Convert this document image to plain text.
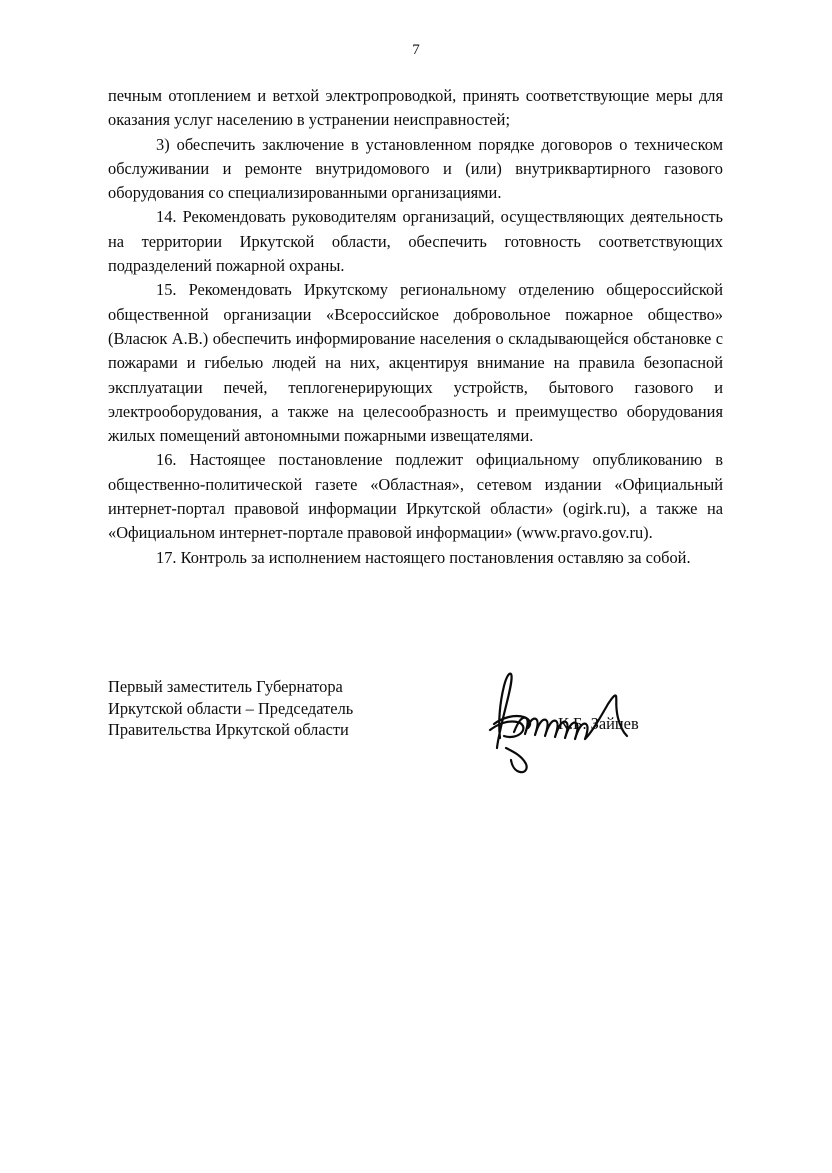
7

печным отоплением и ветхой электропроводкой, принять соответствующие меры для оказания услуг населению в устранении неисправностей;

3) обеспечить заключение в установленном порядке договоров о техническом обслуживании и ремонте внутридомового и (или) внутриквартирного газового оборудования со специализированными организациями.

14. Рекомендовать руководителям организаций, осуществляющих деятельность на территории Иркутской области, обеспечить готовность соответствующих подразделений пожарной охраны.

15. Рекомендовать Иркутскому региональному отделению общероссийской общественной организации «Всероссийское добровольное пожарное общество» (Власюк А.В.) обеспечить информирование населения о складывающейся обстановке с пожарами и гибелью людей на них, акцентируя внимание на правила безопасной эксплуатации печей, теплогенерирующих устройств, бытового газового и электрооборудования, а также на целесообразность и преимущество оборудования жилых помещений автономными пожарными извещателями.

16. Настоящее постановление подлежит официальному опубликованию в общественно-политической газете «Областная», сетевом издании «Официальный интернет-портал правовой информации Иркутской области» (ogirk.ru), а также на «Официальном интернет-портале правовой информации» (www.pravo.gov.ru).

17. Контроль за исполнением настоящего постановления оставляю за собой.

Первый заместитель Губернатора
Иркутской области – Председатель
Правительства Иркутской области	К.Б. Зайцев
